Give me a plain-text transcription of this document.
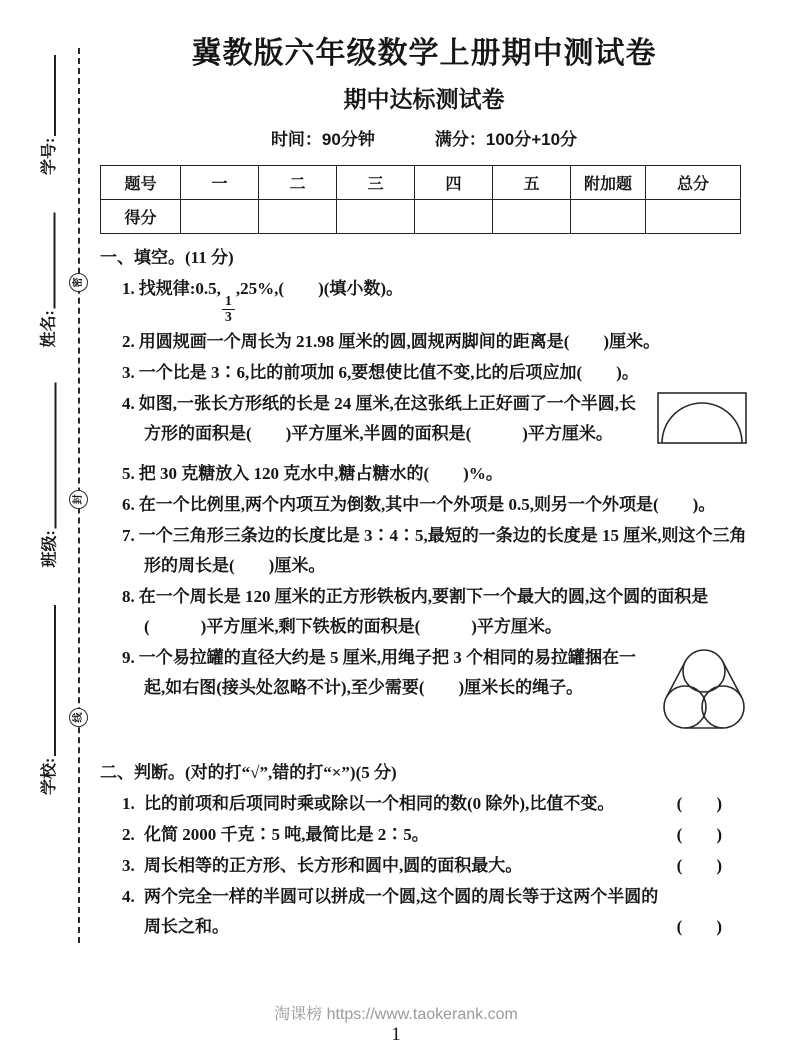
学号:
姓名:
班级:
学校:
密
封
线
冀教版六年级数学上册期中测试卷
期中达标测试卷
时间：90分钟	满分：100分+10分
题号	一	二	三	四	五	附加题	总分
得分							
一、填空。(11 分)
1. 找规律:0.5,
$\frac{1}{3}$
,25%,(　　)(填小数)。
2. 用圆规画一个周长为 21.98 厘米的圆,圆规两脚间的距离是(　　)厘米。
3. 一个比是 3∶6,比的前项加 6,要想使比值不变,比的后项应加(　　)。
4. 如图,一张长方形纸的长是 24 厘米,在这张纸上正好画了一个半圆,长方形的面积是(　　)平方厘米,半圆的面积是(　　　)平方厘米。
5. 把 30 克糖放入 120 克水中,糖占糖水的(　　)%。
6. 在一个比例里,两个内项互为倒数,其中一个外项是 0.5,则另一个外项是(　　)。
7. 一个三角形三条边的长度比是 3∶4∶5,最短的一条边的长度是 15 厘米,则这个三角形的周长是(　　)厘米。
8. 在一个周长是 120 厘米的正方形铁板内,要割下一个最大的圆,这个圆的面积是(　　　)平方厘米,剩下铁板的面积是(　　　)平方厘米。
9. 一个易拉罐的直径大约是 5 厘米,用绳子把 3 个相同的易拉罐捆在一起,如右图(接头处忽略不计),至少需要(　　)厘米长的绳子。
二、判断。(对的打“√”,错的打“×”)(5 分)
1. 比的前项和后项同时乘或除以一个相同的数(0 除外),比值不变。	(　　)
2. 化简 2000 千克∶5 吨,最简比是 2∶5。	(　　)
3. 周长相等的正方形、长方形和圆中,圆的面积最大。	(　　)
4. 两个完全一样的半圆可以拼成一个圆,这个圆的周长等于这两个半圆的周长之和。	(　　)
淘课榜 https://www.taokerank.com
1
